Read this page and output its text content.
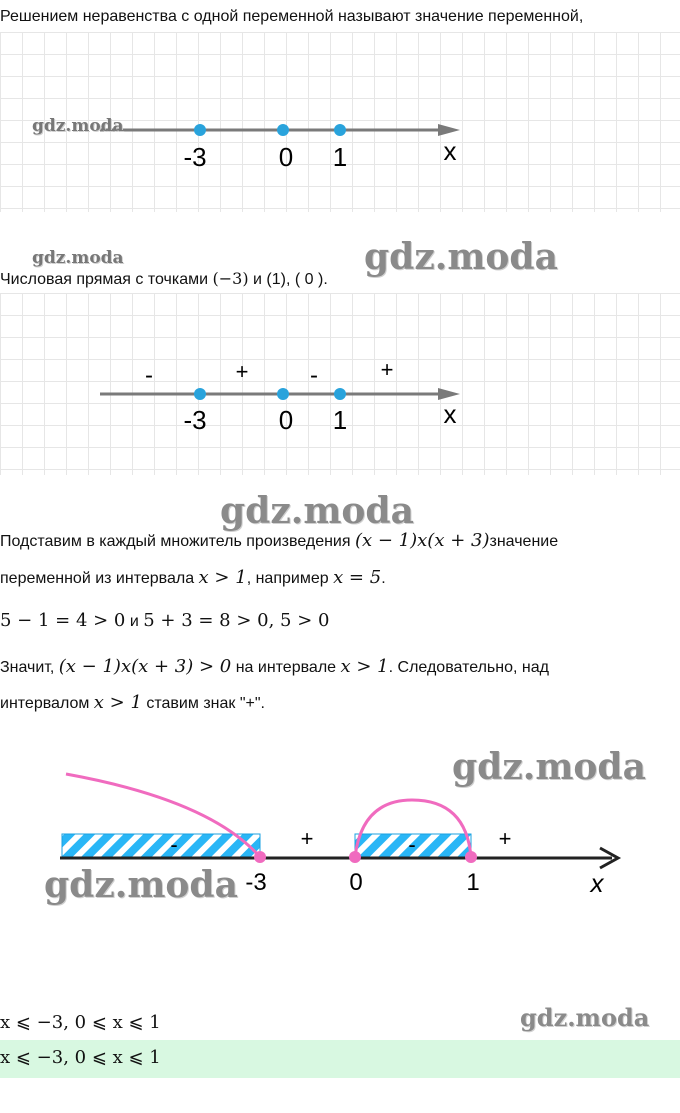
Решением неравенства с одной переменной называют значение переменной,
-3	0 1	x
gdz.moda
gdz.moda	gdz.moda
Числовая прямая с точками (−3) и (1), ( 0 ).
-	+	-	+
-3	0 1	x
gdz.moda
Подставим в каждый множитель произведения (x − 1)x(x + 3)значение
переменной из интервала x > 1, например x = 5.
5 − 1 = 4 > 0 и 5 + 3 = 8 > 0, 5 > 0
Значит, (x − 1)x(x + 3) > 0 на интервале x > 1. Следовательно, над
интервалом x > 1 ставим знак "+".
-	-
+	+
-3	0	1	x
gdz.moda
gdz.moda
gdz.moda
x ⩽ −3, 0 ⩽ x ⩽ 1
x ⩽ −3, 0 ⩽ x ⩽ 1
